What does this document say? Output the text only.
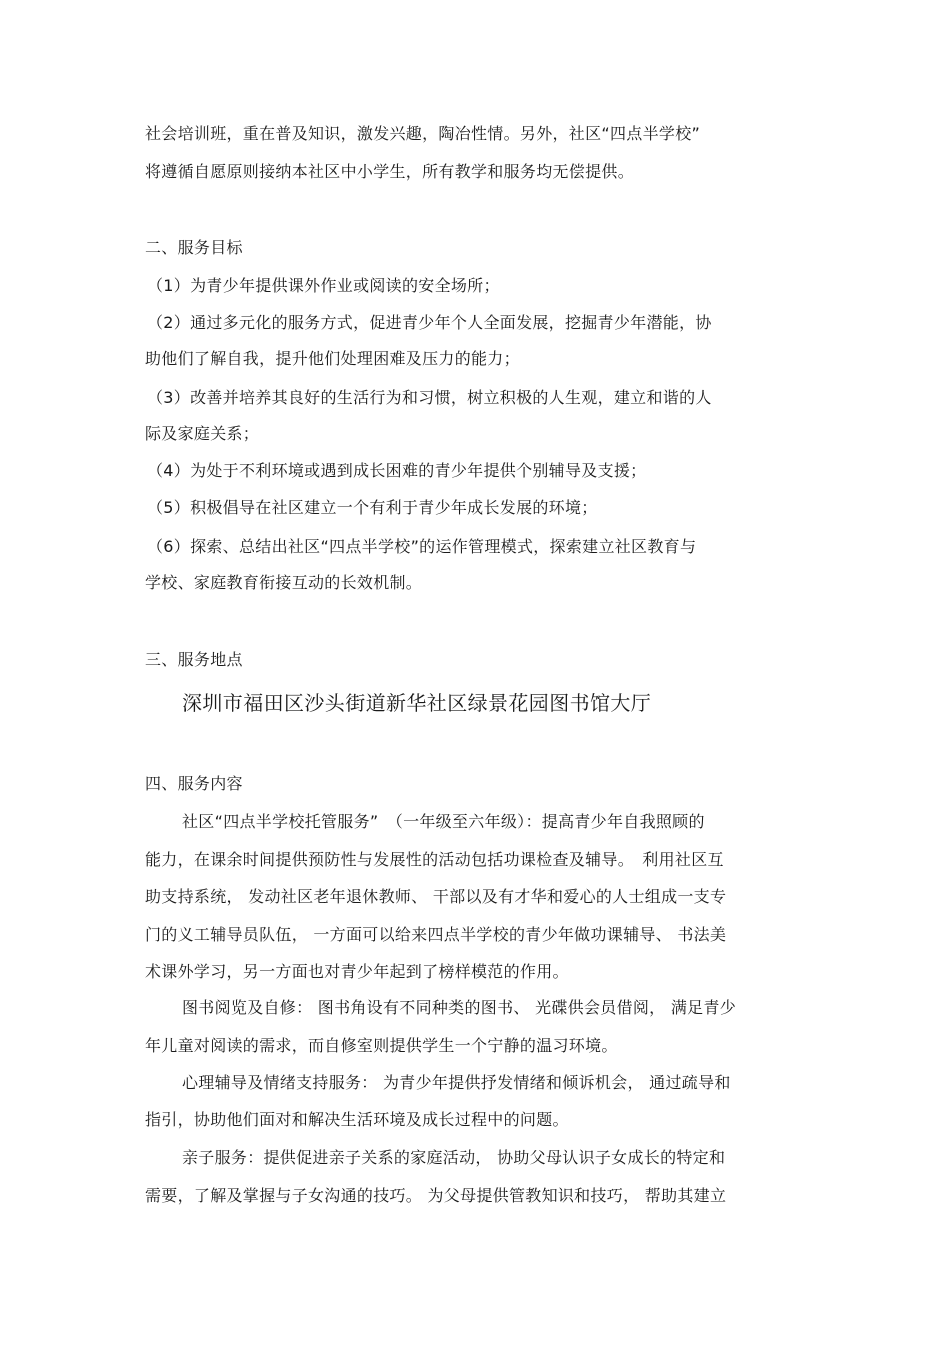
社会培训班，重在普及知识，激发兴趣，陶冶性情。另外，社区“四点半学校”
将遵循自愿原则接纳本社区中小学生，所有教学和服务均无偿提供。
二、服务目标
（1）为青少年提供课外作业或阅读的安全场所；
（2）通过多元化的服务方式，促进青少年个人全面发展，挖掘青少年潜能，协
助他们了解自我，提升他们处理困难及压力的能力；
（3）改善并培养其良好的生活行为和习惯，树立积极的人生观，建立和谐的人
际及家庭关系；
（4）为处于不利环境或遇到成长困难的青少年提供个别辅导及支援；
（5）积极倡导在社区建立一个有利于青少年成长发展的环境；
（6）探索、总结出社区“四点半学校”的运作管理模式，探索建立社区教育与
学校、家庭教育衔接互动的长效机制。
三、服务地点
深圳市福田区沙头街道新华社区绿景花园图书馆大厅
四、服务内容
社区“四点半学校托管服务”　（一年级至六年级）：提高青少年自我照顾的
能力，在课余时间提供预防性与发展性的活动包括功课检查及辅导。　利用社区互
助支持系统， 发动社区老年退休教师、 干部以及有才华和爱心的人士组成一支专
门的义工辅导员队伍， 一方面可以给来四点半学校的青少年做功课辅导、 书法美
术课外学习，另一方面也对青少年起到了榜样模范的作用。
图书阅览及自修： 图书角设有不同种类的图书、 光碟供会员借阅， 满足青少
年儿童对阅读的需求，而自修室则提供学生一个宁静的温习环境。
心理辅导及情绪支持服务： 为青少年提供抒发情绪和倾诉机会， 通过疏导和
指引，协助他们面对和解决生活环境及成长过程中的问题。
亲子服务：提供促进亲子关系的家庭活动， 协助父母认识子女成长的特定和
需要，了解及掌握与子女沟通的技巧。 为父母提供管教知识和技巧， 帮助其建立
